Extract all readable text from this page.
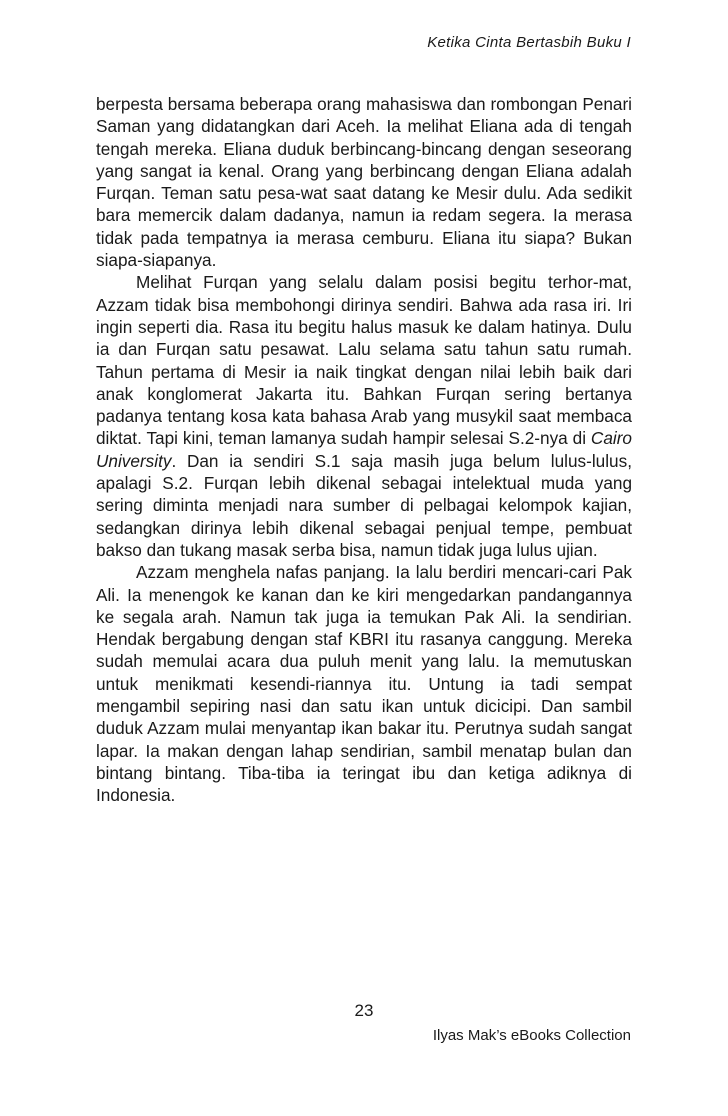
Ketika Cinta Bertasbih Buku I

berpesta bersama beberapa orang mahasiswa dan rombongan Penari Saman yang didatangkan dari Aceh. Ia melihat Eliana ada di tengah tengah mereka. Eliana duduk berbincang-bincang dengan seseorang yang sangat ia kenal. Orang yang berbincang dengan Eliana adalah Furqan. Teman satu pesa-wat saat datang ke Mesir dulu. Ada sedikit bara memercik dalam dadanya, namun ia redam segera. Ia merasa tidak pada tempatnya ia merasa cemburu. Eliana itu siapa? Bukan siapa-siapanya.

Melihat Furqan yang selalu dalam posisi begitu terhor-mat, Azzam tidak bisa membohongi dirinya sendiri. Bahwa ada rasa iri. Iri ingin seperti dia. Rasa itu begitu halus masuk ke dalam hatinya. Dulu ia dan Furqan satu pesawat. Lalu selama satu tahun satu rumah. Tahun pertama di Mesir ia naik tingkat dengan nilai lebih baik dari anak konglomerat Jakarta itu. Bahkan Furqan sering bertanya padanya tentang kosa kata bahasa Arab yang musykil saat membaca diktat. Tapi kini, teman lamanya sudah hampir selesai S.2-nya di Cairo University. Dan ia sendiri S.1 saja masih juga belum lulus-lulus, apalagi S.2. Furqan lebih dikenal sebagai intelektual muda yang sering diminta menjadi nara sumber di pelbagai kelompok kajian, sedangkan dirinya lebih dikenal sebagai penjual tempe, pembuat bakso dan tukang masak serba bisa, namun tidak juga lulus ujian.

Azzam menghela nafas panjang. Ia lalu berdiri mencari-cari Pak Ali. Ia menengok ke kanan dan ke kiri mengedarkan pandangannya ke segala arah. Namun tak juga ia temukan Pak Ali. Ia sendirian. Hendak bergabung dengan staf KBRI itu rasanya canggung. Mereka sudah memulai acara dua puluh menit yang lalu. Ia memutuskan untuk menikmati kesendi-riannya itu. Untung ia tadi sempat mengambil sepiring nasi dan satu ikan untuk dicicipi. Dan sambil duduk Azzam mulai menyantap ikan bakar itu. Perutnya sudah sangat lapar. Ia makan dengan lahap sendirian, sambil menatap bulan dan bintang bintang. Tiba-tiba ia teringat ibu dan ketiga adiknya di Indonesia.

23
Ilyas Mak’s eBooks Collection
